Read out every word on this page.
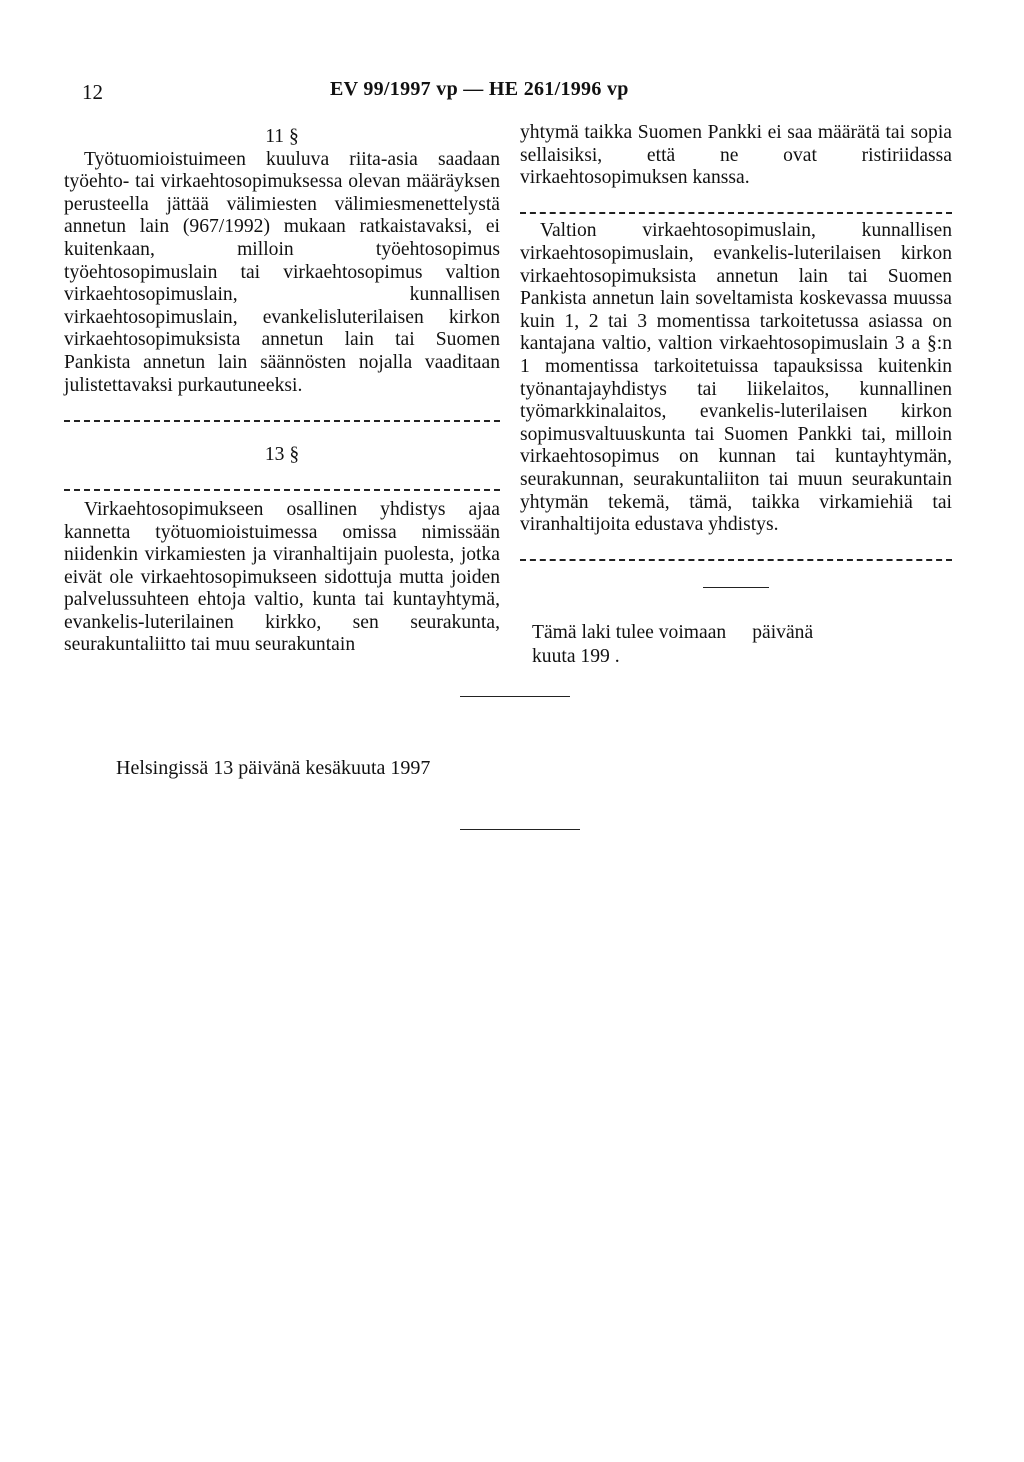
12	EV 99/1997 vp — HE 261/1996 vp

11 §

Työtuomioistuimeen kuuluva riita-asia saadaan työehto- tai virkaehtosopimuksessa olevan määräyksen perusteella jättää välimiesten välimiesmenettelystä annetun lain (967/1992) mukaan ratkaistavaksi, ei kuitenkaan, milloin työehtosopimus työehtosopimuslain tai virkaehtosopimus valtion virkaehtosopimuslain, kunnallisen virkaehtosopimuslain, evankelisluterilaisen kirkon virkaehtosopimuksista annetun lain tai Suomen Pankista annetun lain säännösten nojalla vaaditaan julistettavaksi purkautuneeksi.

13 §

Virkaehtosopimukseen osallinen yhdistys ajaa kannetta työtuomioistuimessa omissa nimissään niidenkin virkamiesten ja viranhaltijain puolesta, jotka eivät ole virkaehtosopimukseen sidottuja mutta joiden palvelussuhteen ehtoja valtio, kunta tai kuntayhtymä, evankelis-luterilainen kirkko, sen seurakunta, seurakuntaliitto tai muu seurakuntain

yhtymä taikka Suomen Pankki ei saa määrätä tai sopia sellaisiksi, että ne ovat ristiriidassa virkaehtosopimuksen kanssa.

Valtion virkaehtosopimuslain, kunnallisen virkaehtosopimuslain, evankelis-luterilaisen kirkon virkaehtosopimuksista annetun lain tai Suomen Pankista annetun lain soveltamista koskevassa muussa kuin 1, 2 tai 3 momentissa tarkoitetussa asiassa on kantajana valtio, valtion virkaehtosopimuslain 3 a §:n 1 momentissa tarkoitetuissa tapauksissa kuitenkin työnantajayhdistys tai liikelaitos, kunnallinen työmarkkinalaitos, evankelis-luterilaisen kirkon sopimusvaltuuskunta tai Suomen Pankki tai, milloin virkaehtosopimus on kunnan tai kuntayhtymän, seurakunnan, seurakuntaliiton tai muun seurakuntain yhtymän tekemä, tämä, taikka virkamiehiä tai viranhaltijoita edustava yhdistys.

Tämä laki tulee voimaan päivänä
kuuta 199 .
Helsingissä 13 päivänä kesäkuuta 1997
